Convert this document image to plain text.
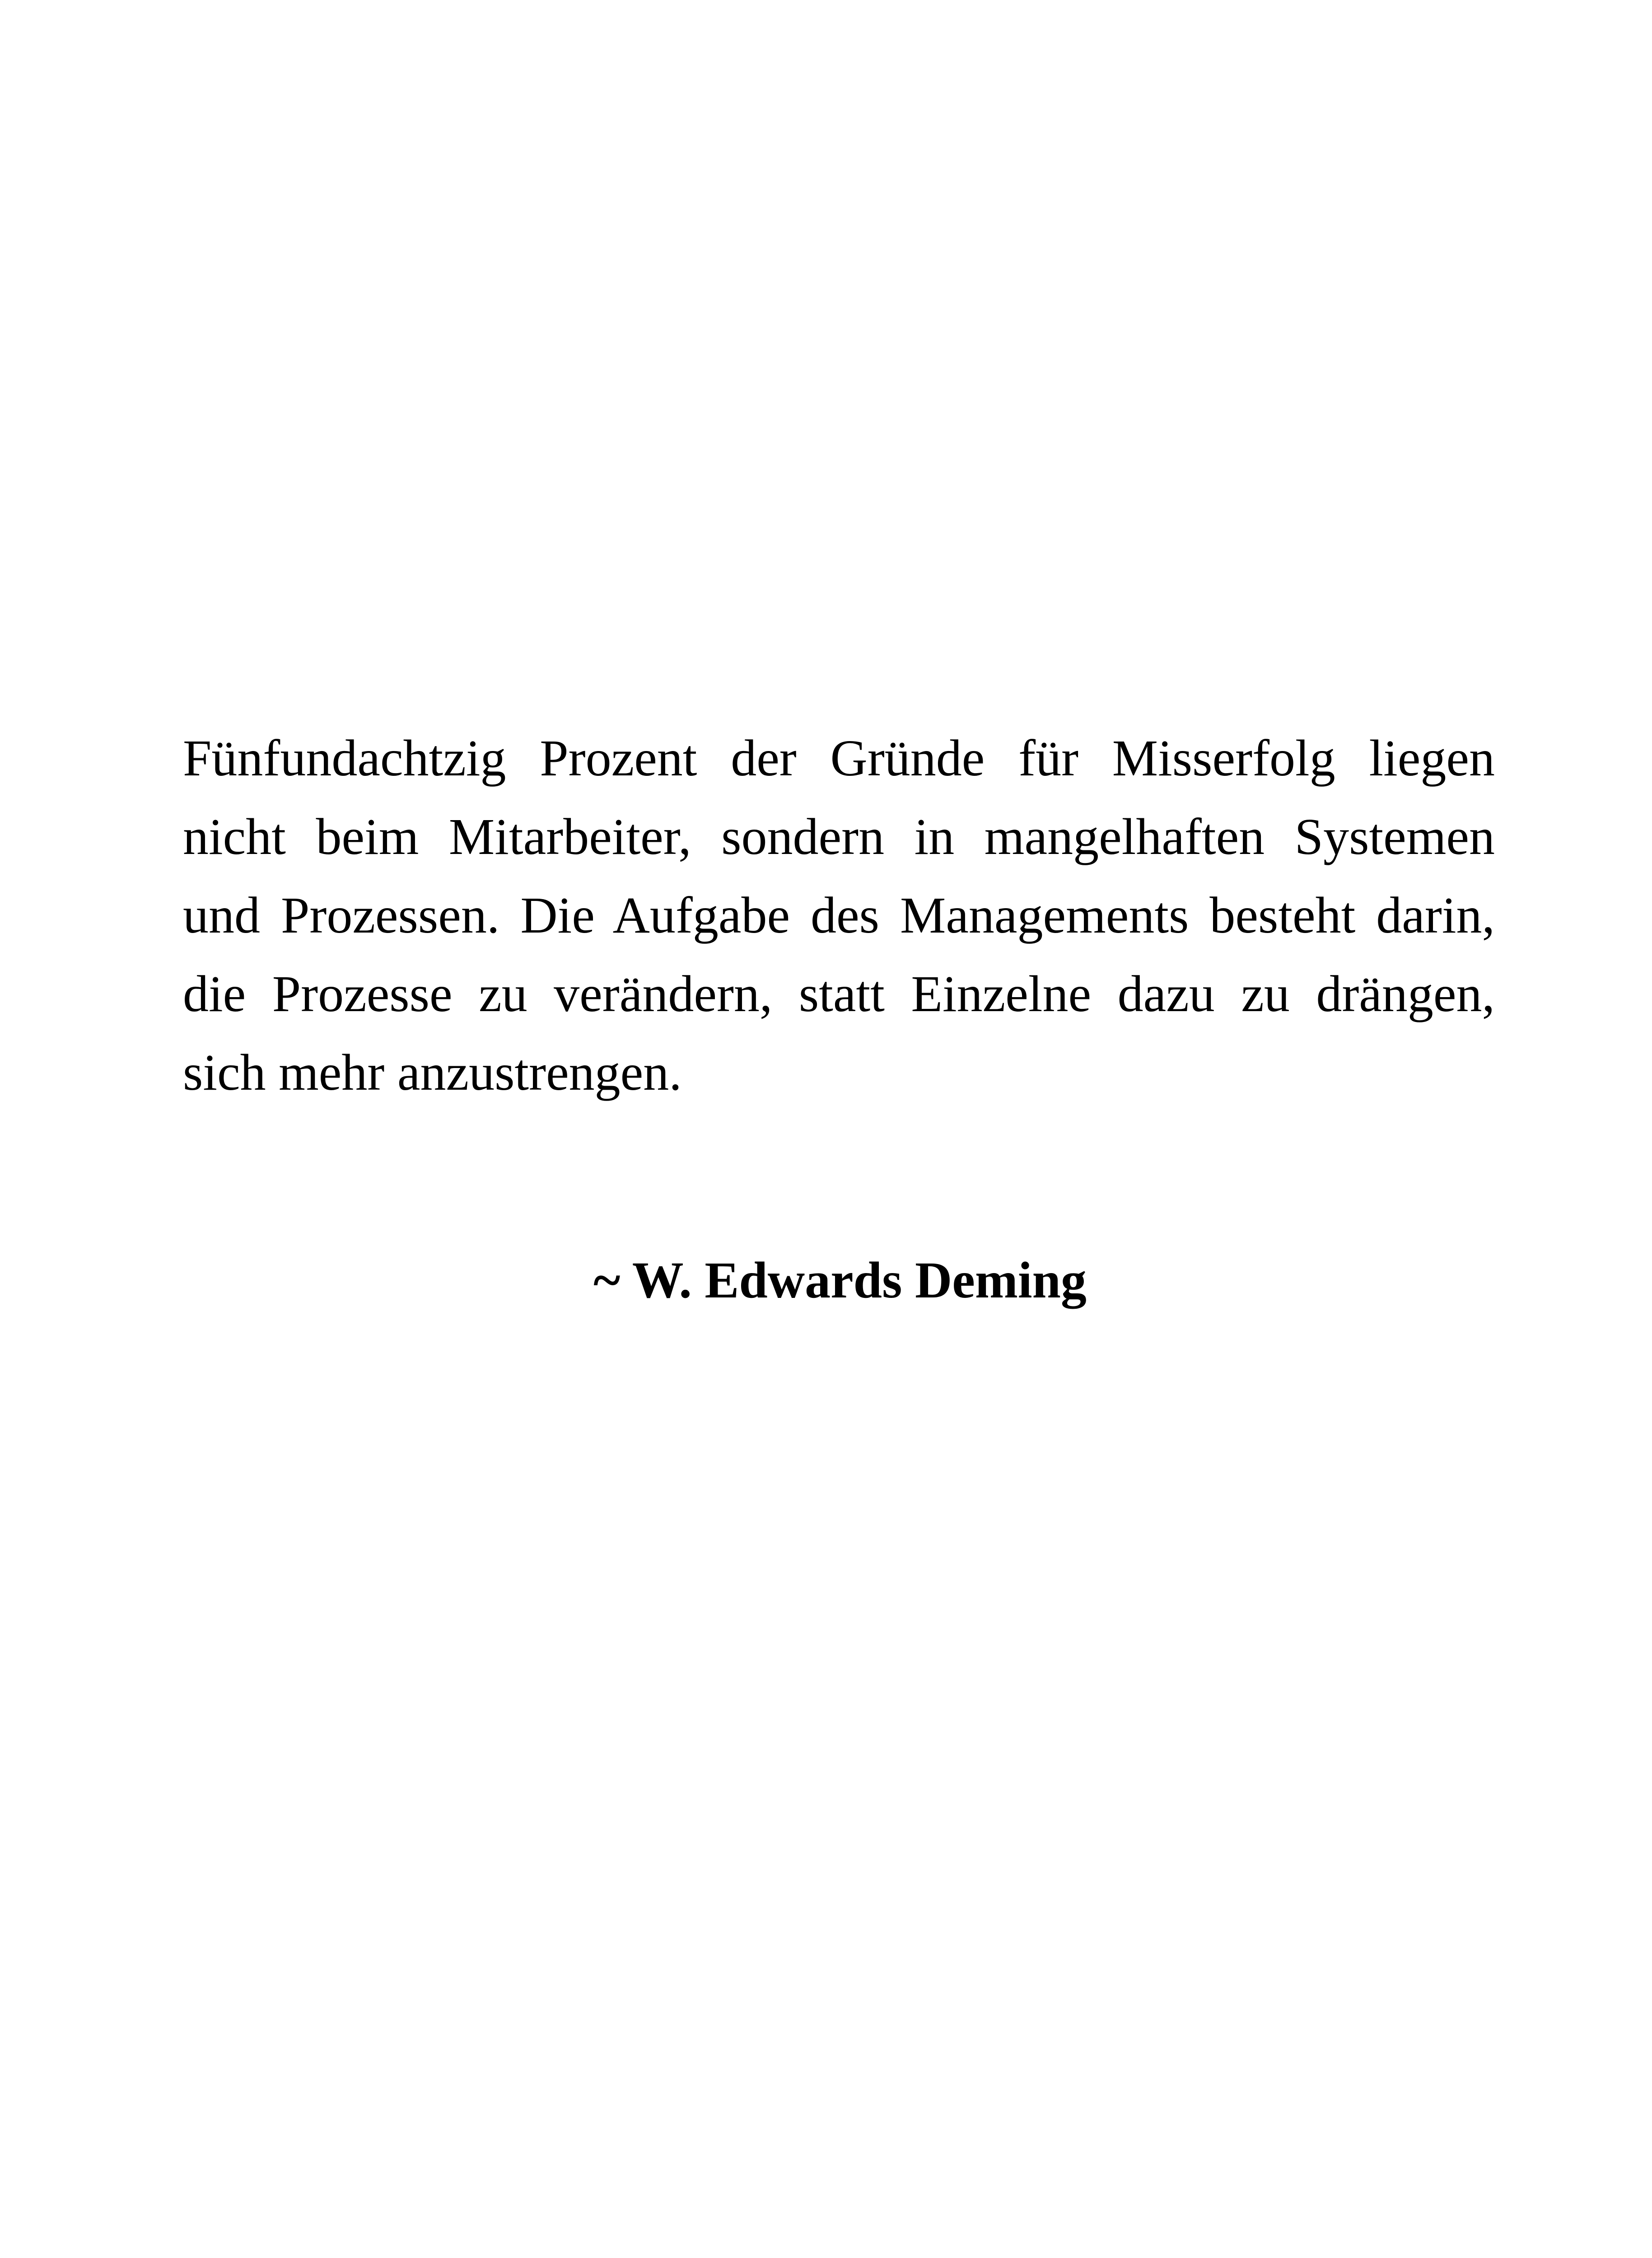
Fünfundachtzig Prozent der Gründe für Misserfolg liegen
nicht beim Mitarbeiter, sondern in mangelhaften Systemen
und Prozessen. Die Aufgabe des Managements besteht darin,
die Prozesse zu verändern, statt Einzelne dazu zu drängen,
sich mehr anzustrengen.
~ W. Edwards Deming
